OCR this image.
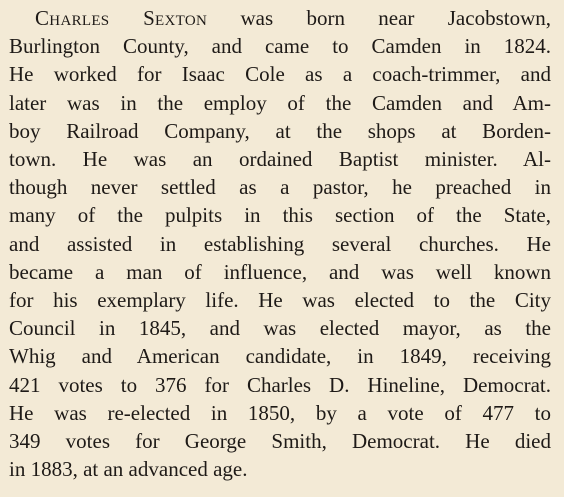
Charles Sexton was born near Jacobstown,
Burlington County, and came to Camden in 1824.
He worked for Isaac Cole as a coach-trimmer, and
later was in the employ of the Camden and Am-
boy Railroad Company, at the shops at Borden-
town. He was an ordained Baptist minister. Al-
though never settled as a pastor, he preached in
many of the pulpits in this section of the State,
and assisted in establishing several churches. He
became a man of influence, and was well known
for his exemplary life. He was elected to the City
Council in 1845, and was elected mayor, as the
Whig and American candidate, in 1849, receiving
421 votes to 376 for Charles D. Hineline, Democrat.
He was re-elected in 1850, by a vote of 477 to
349 votes for George Smith, Democrat. He died
in 1883, at an advanced age.
